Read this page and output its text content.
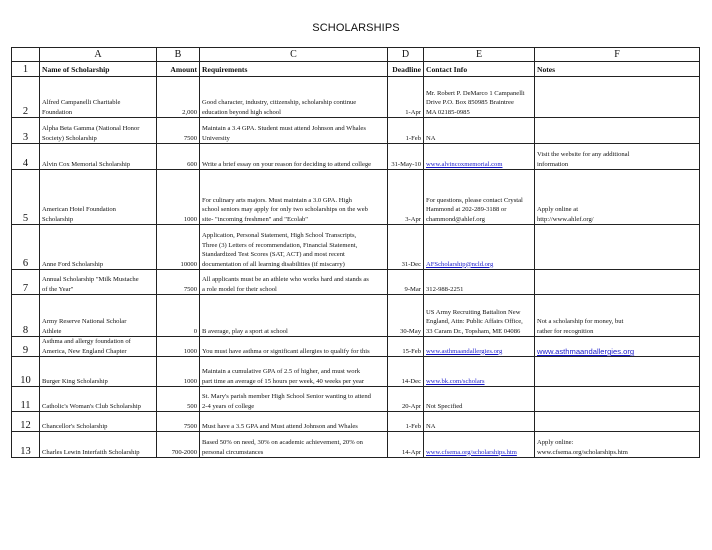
SCHOLARSHIPS
	A	B	C	D	E	F
1	Name of Scholarship	Amount	Requirements	Deadline	Contact Info	Notes
2	Alfred Campanelli Charitable
Foundation	2,000	Good character, industry, citizenship, scholarship continue
education beyond high school	1-Apr	Mr. Robert P. DeMarco 1 Campanelli
Drive P.O. Box 850985 Braintree
MA 02185-0985	
3	Alpha Beta Gamma (National Honor
Society) Scholarship	7500	Maintain a 3.4 GPA. Student must attend Johnson and Whales
University	1-Feb	NA	
4	Alvin Cox Memorial Scholarship	600	Write a brief essay on your reason for deciding to attend college	31-May-10	www.alvincoxmemorial.com	Visit the website for any additional
information
5	American Hotel Foundation
Scholarship	1000	For culinary arts majors. Must maintain a 3.0 GPA. High
school seniors may apply for only two scholarships on the web
site- "incoming freshmen" and "Ecolab"	3-Apr	For questions, please contact Crystal
Hammond at 202-289-3188 or
chammond@ahlef.org	Apply online at
http://www.ahlef.org/
6	Anne Ford Scholarship	10000	Application, Personal Statement, High School Transcripts,
Three (3) Letters of recommendation, Financial Statement,
Standardized Test Scores (SAT, ACT) and most recent
documentation of all learning disabilities (if miscarry)	31-Dec	AFScholarship@ncld.org	
7	Annual Scholarship "Milk Mustache
of the Year"	7500	All applicants must be an athlete who works hard and stands as
a role model for their school	9-Mar	312-988-2251	
8	Army Reserve National Scholar
Athlete	0	B average, play a sport at school	30-May	US Army Recruiting Battalion New
England, Attn: Public Affairs Office,
33 Caram Dr., Topsham, ME 04086	Not a scholarship for money, but
rather for recognition
9	Asthma and allergy foundation of
America, New England Chapter	1000	You must have asthma or significant allergies to qualify for this	15-Feb	www.asthmaandallergies.org	www.asthmaandallergies.org
10	Burger King Scholarship	1000	Maintain a cumulative GPA of 2.5 of higher, and must work
part time an average of 15 hours per week, 40 weeks per year	14-Dec	www.bk.com/scholars	
11	Catholic's Woman's Club Scholarship	500	St. Mary's parish member High School Senior wanting to attend
2-4 years of college	20-Apr	Not Specified	
12	Chancellor's Scholarship	7500	Must have a 3.5 GPA and Must attend Johnson and Whales	1-Feb	NA	
13	Charles Lewin Interfaith Scholarship	700-2000	Based 50% on need, 30% on academic achievement, 20% on
personal circumstances	14-Apr	www.cfsema.org/scholarships.htm	Apply online:
www.cfsema.org/scholarships.htm
